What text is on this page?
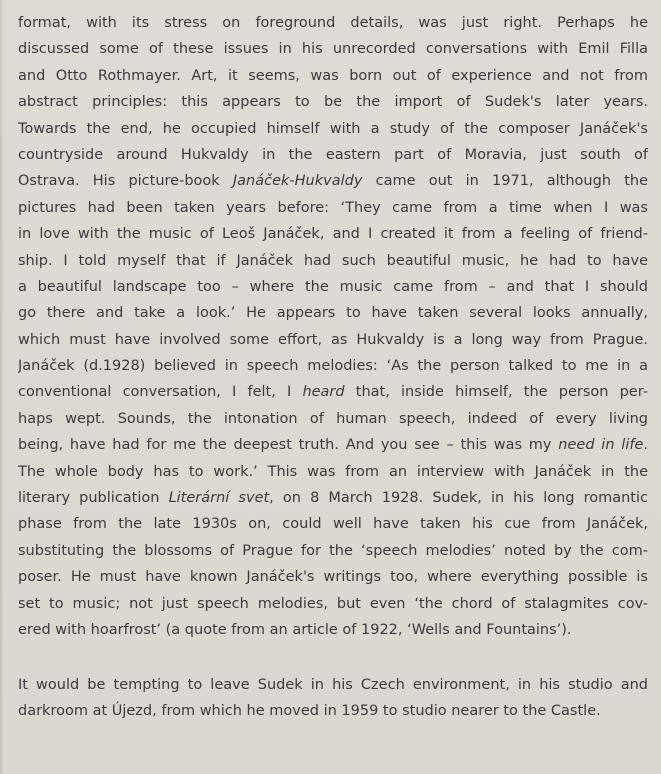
format, with its stress on foreground details, was just right. Perhaps he
discussed some of these issues in his unrecorded conversations with Emil Filla
and Otto Rothmayer. Art, it seems, was born out of experience and not from
abstract principles: this appears to be the import of Sudek's later years.
Towards the end, he occupied himself with a study of the composer Janáček's
countryside around Hukvaldy in the eastern part of Moravia, just south of
Ostrava. His picture-book Janáček-Hukvaldy came out in 1971, although the
pictures had been taken years before: ‘They came from a time when I was
in love with the music of Leoš Janáček, and I created it from a feeling of friend-
ship. I told myself that if Janáček had such beautiful music, he had to have
a beautiful landscape too – where the music came from – and that I should
go there and take a look.’ He appears to have taken several looks annually,
which must have involved some effort, as Hukvaldy is a long way from Prague.
Janáček (d.1928) believed in speech melodies: ‘As the person talked to me in a
conventional conversation, I felt, I heard that, inside himself, the person per-
haps wept. Sounds, the intonation of human speech, indeed of every living
being, have had for me the deepest truth. And you see – this was my need in life.
The whole body has to work.’ This was from an interview with Janáček in the
literary publication Literární svet, on 8 March 1928. Sudek, in his long romantic
phase from the late 1930s on, could well have taken his cue from Janáček,
substituting the blossoms of Prague for the ‘speech melodies’ noted by the com-
poser. He must have known Janáček's writings too, where everything possible is
set to music; not just speech melodies, but even ‘the chord of stalagmites cov-
ered with hoarfrost’ (a quote from an article of 1922, ‘Wells and Fountains’).
It would be tempting to leave Sudek in his Czech environment, in his studio and
darkroom at Újezd, from which he moved in 1959 to studio nearer to the Castle.
